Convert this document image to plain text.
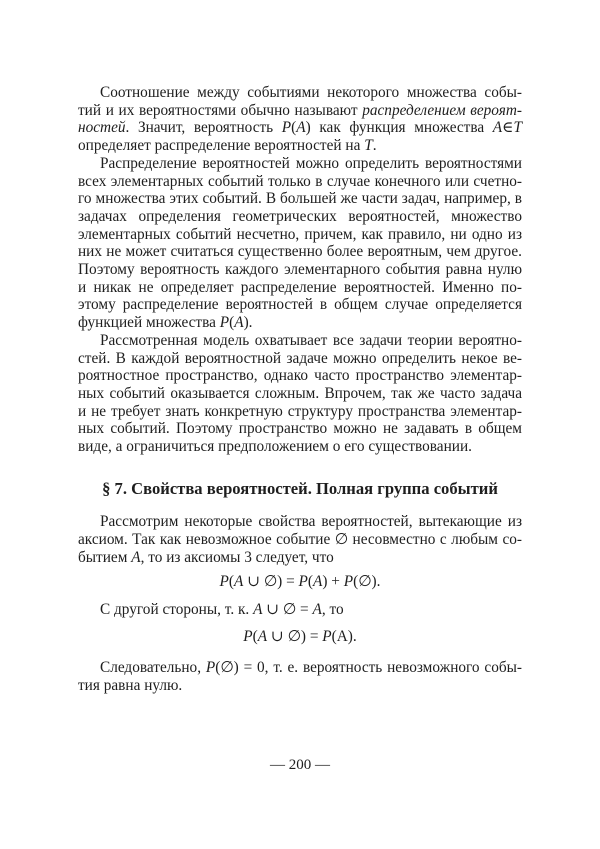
Соотношение между событиями некоторого множества собы-
тий и их вероятностями обычно называют распределением вероят-
ностей. Значит, вероятность P(A) как функция множества A∈T
определяет распределение вероятностей на T.
Распределение вероятностей можно определить вероятностями
всех элементарных событий только в случае конечного или счетно-
го множества этих событий. В большей же части задач, например, в
задачах определения геометрических вероятностей, множество
элементарных событий несчетно, причем, как правило, ни одно из
них не может считаться существенно более вероятным, чем другое.
Поэтому вероятность каждого элементарного события равна нулю
и никак не определяет распределение вероятностей. Именно по-
этому распределение вероятностей в общем случае определяется
функцией множества P(A).
Рассмотренная модель охватывает все задачи теории вероятно-
стей. В каждой вероятностной задаче можно определить некое ве-
роятностное пространство, однако часто пространство элементар-
ных событий оказывается сложным. Впрочем, так же часто задача
и не требует знать конкретную структуру пространства элементар-
ных событий. Поэтому пространство можно не задавать в общем
виде, а ограничиться предположением о его существовании.
§ 7. Свойства вероятностей. Полная группа событий
Рассмотрим некоторые свойства вероятностей, вытекающие из
аксиом. Так как невозможное событие ∅ несовместно с любым со-
бытием A, то из аксиомы 3 следует, что
P(A ∪ ∅) = P(A) + P(∅).
С другой стороны, т. к. A ∪ ∅ = A, то
P(A ∪ ∅) = P(A).
Следовательно, P(∅) = 0, т. е. вероятность невозможного собы-
тия равна нулю.
— 200 —
